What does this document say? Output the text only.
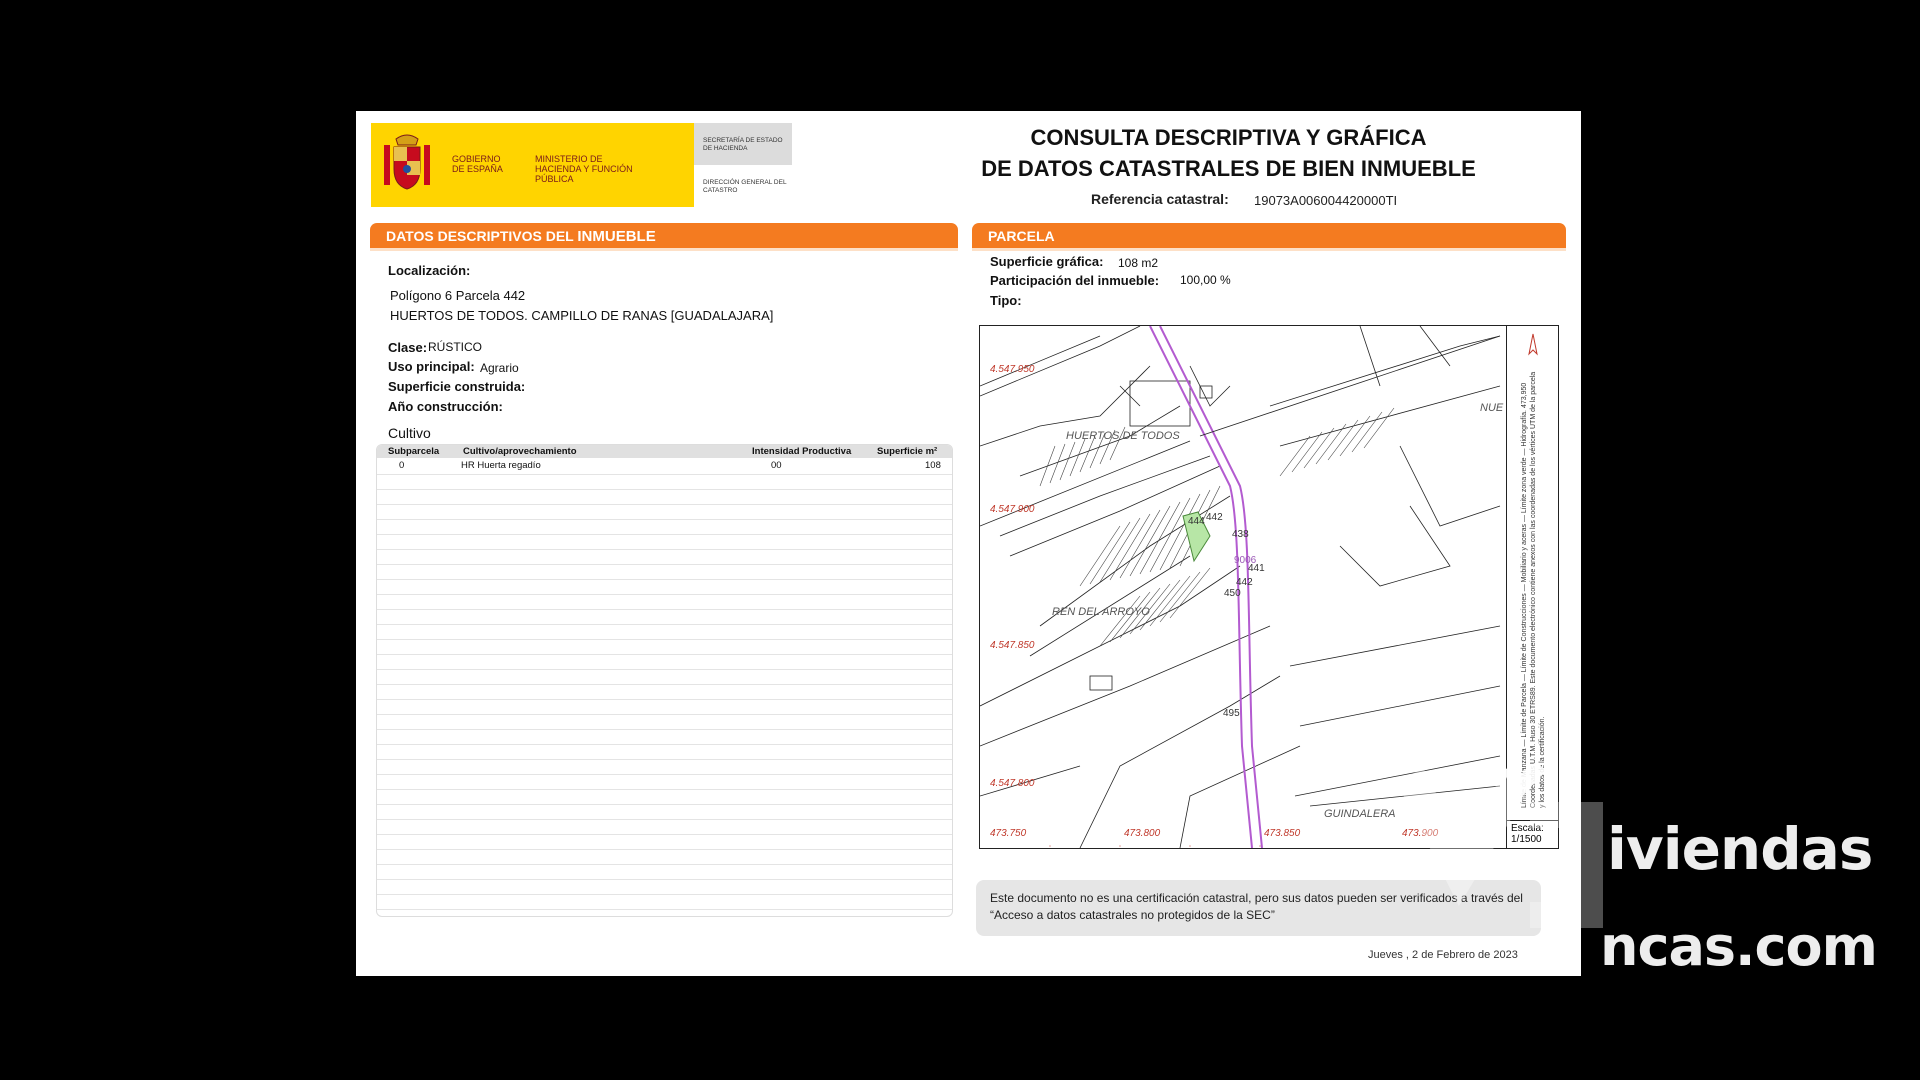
GOBIERNO DE ESPAÑA
MINISTERIO DE HACIENDA Y FUNCIÓN PÚBLICA
SECRETARÍA DE ESTADO DE HACIENDA
DIRECCIÓN GENERAL DEL CATASTRO
CONSULTA DESCRIPTIVA Y GRÁFICA
DE DATOS CATASTRALES DE BIEN INMUEBLE
Referencia catastral: 19073A006004420000TI
DATOS DESCRIPTIVOS DEL INMUEBLE
Localización:
Polígono 6 Parcela 442
HUERTOS DE TODOS. CAMPILLO DE RANAS [GUADALAJARA]
Clase: RÚSTICO
Uso principal: Agrario
Superficie construida:
Año construcción:
Cultivo
Subparcela	Cultivo/aprovechamiento	Intensidad Productiva	Superficie m²
0	HR Huerta regadío	00	108
PARCELA
Superficie gráfica: 108 m2
Participación del inmueble: 100,00 %
Tipo:
4.547.950
4.547.900
4.547.850
4.547.800
473.750	473.800	473.850	473.900
HUERTOS DE TODOS
REN DEL ARROYO
GUINDALERA
NUE
444 442
438
9006
441
442
450
495	Límite de Manzana — Límite de Parcela — Límite de Construcciones — Mobiliario y aceras — Límite zona verde — Hidrografía. 473,950 Coordenadas U.T.M. Huso 30 ETRS89. Este documento electrónico contiene anexos con las coordenadas de los vértices UTM de la parcela y los datos de la certificación.
Escala:
1/1500
Este documento no es una certificación catastral, pero sus datos pueden ser verificados a través del “Acceso a datos catastrales no protegidos de la SEC”
Jueves , 2 de Febrero de 2023
iviendas
ncas.com
